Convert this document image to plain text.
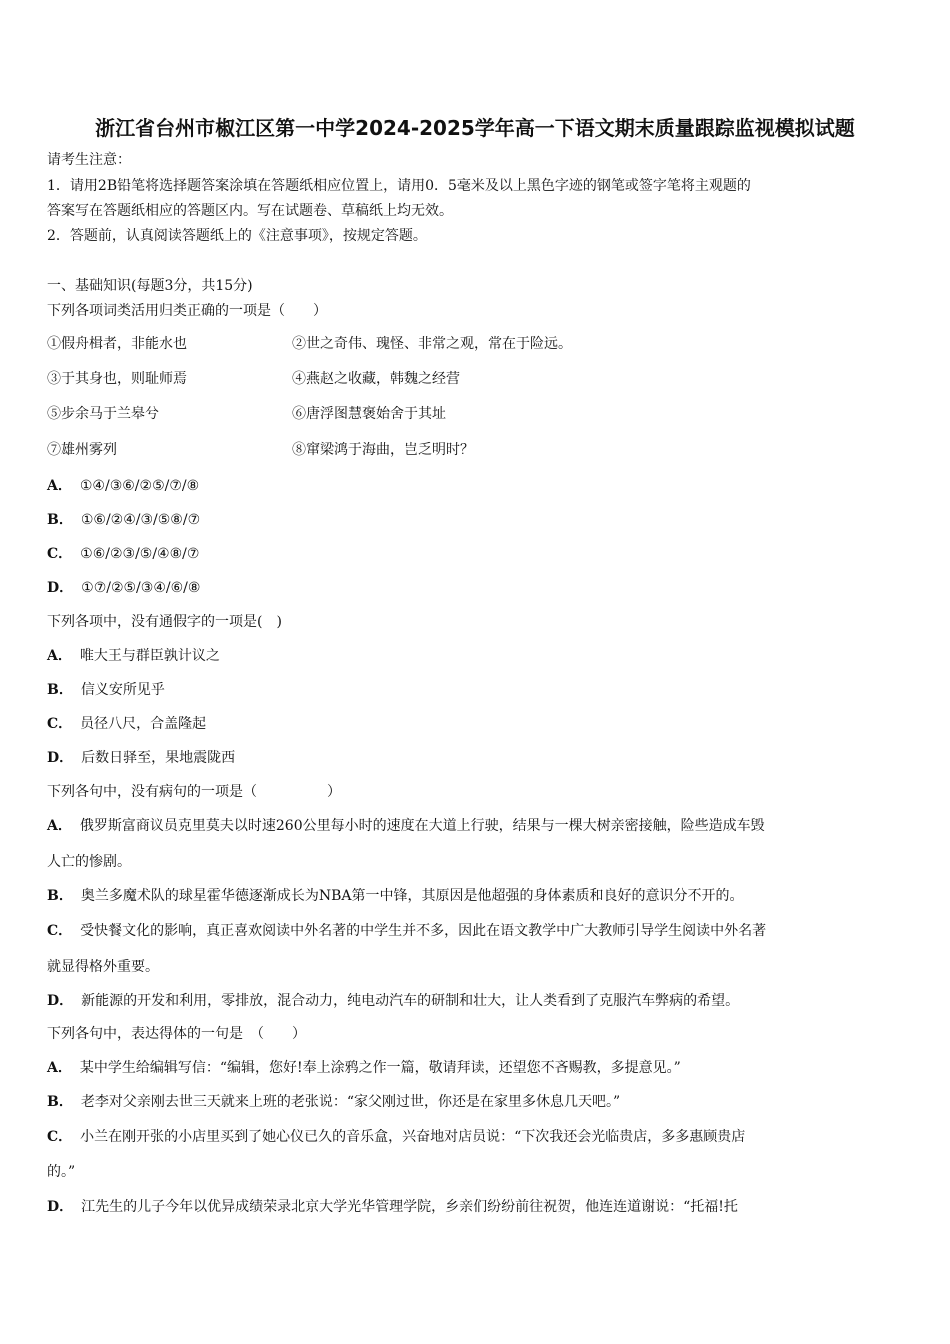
浙江省台州市椒江区第一中学2024-2025学年高一下语文期末质量跟踪监视模拟试题
请考生注意：
1．请用2B铅笔将选择题答案涂填在答题纸相应位置上，请用0．5毫米及以上黑色字迹的钢笔或签字笔将主观题的
答案写在答题纸相应的答题区内。写在试题卷、草稿纸上均无效。
2．答题前，认真阅读答题纸上的《注意事项》，按规定答题。
一、基础知识(每题3分，共15分)
下列各项词类活用归类正确的一项是（　　）
①假舟楫者，非能水也	②世之奇伟、瑰怪、非常之观，常在于险远。
③于其身也，则耻师焉	④燕赵之收藏，韩魏之经营
⑤步余马于兰皋兮	⑥唐浮图慧褒始舍于其址
⑦雄州雾列	⑧窜梁鸿于海曲，岂乏明时？
A． ①④/③⑥/②⑤/⑦/⑧
B． ①⑥/②④/③/⑤⑧/⑦
C． ①⑥/②③/⑤/④⑧/⑦
D． ①⑦/②⑤/③④/⑥/⑧
下列各项中，没有通假字的一项是(　)
A． 唯大王与群臣孰计议之
B． 信义安所见乎
C． 员径八尺，合盖隆起
D． 后数日驿至，果地震陇西
下列各句中，没有病句的一项是（　　　　　）
A． 俄罗斯富商议员克里莫夫以时速260公里每小时的速度在大道上行驶，结果与一棵大树亲密接触，险些造成车毁
人亡的惨剧。
B． 奥兰多魔术队的球星霍华德逐渐成长为NBA第一中锋，其原因是他超强的身体素质和良好的意识分不开的。
C． 受快餐文化的影响，真正喜欢阅读中外名著的中学生并不多，因此在语文教学中广大教师引导学生阅读中外名著
就显得格外重要。
D． 新能源的开发和利用，零排放，混合动力，纯电动汽车的研制和壮大，让人类看到了克服汽车弊病的希望。
下列各句中，表达得体的一句是　（　　）
A． 某中学生给编辑写信：“编辑，您好!奉上涂鸦之作一篇，敬请拜读，还望您不吝赐教，多提意见。”
B． 老李对父亲刚去世三天就来上班的老张说：“家父刚过世，你还是在家里多休息几天吧。”
C． 小兰在刚开张的小店里买到了她心仪已久的音乐盒，兴奋地对店员说：“下次我还会光临贵店，多多惠顾贵店
的。”
D． 江先生的儿子今年以优异成绩荣录北京大学光华管理学院，乡亲们纷纷前往祝贺，他连连道谢说：“托福!托
